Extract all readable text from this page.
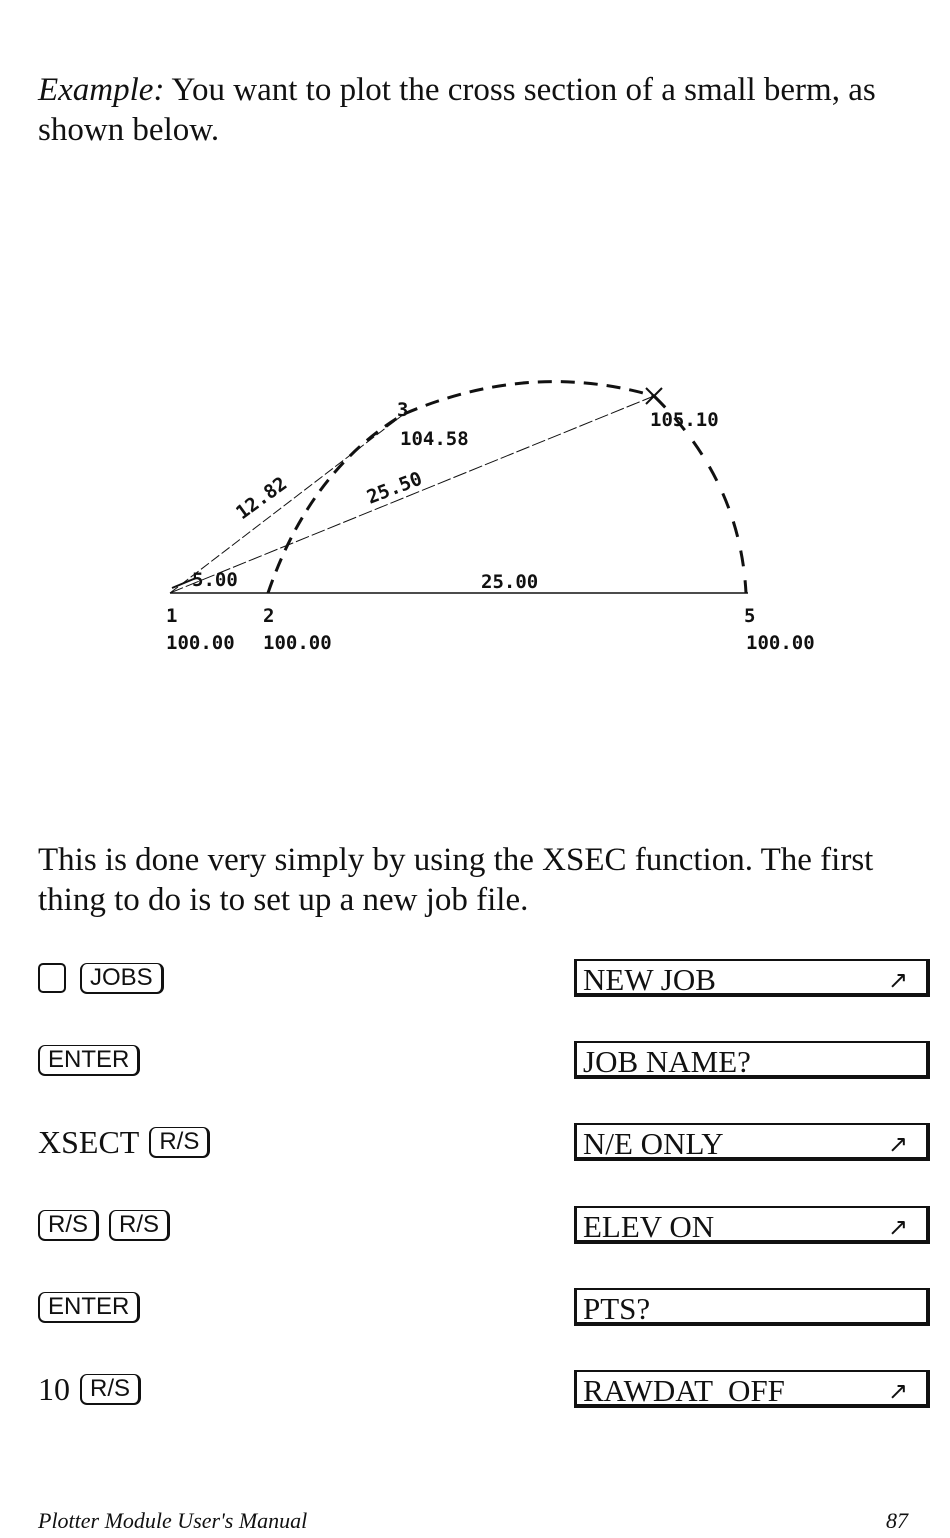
Example: You want to plot the cross section of a small berm, as shown below.
1	2
3
5
100.00 100.00
104.58
105.10
100.00
12.82	25.50
5.00	25.00
This is done very simply by using the XSEC function. The first thing to do is to set up a new job file.
JOBS	NEW JOB	↗
ENTER	JOB NAME?
XSECT R/S	N/E ONLY	↗
R/S	R/S	ELEV ON	↗
ENTER	PTS?
10 R/S	RAWDAT  OFF	↗
Plotter Module User's Manual	87
